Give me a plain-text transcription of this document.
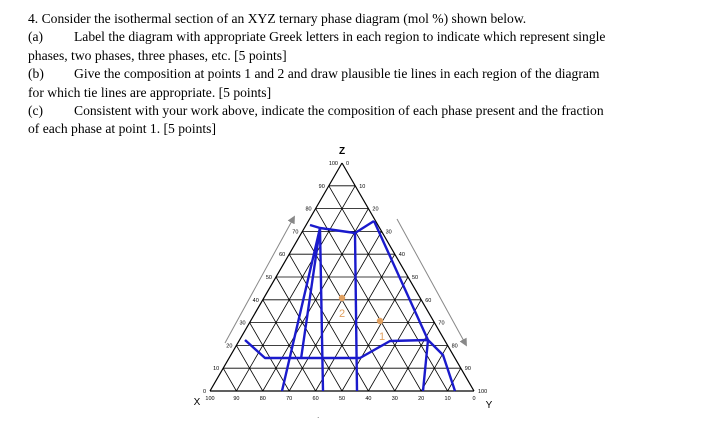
4. Consider the isothermal section of an XYZ ternary phase diagram (mol %) shown below.

(a) Label the diagram with appropriate Greek letters in each region to indicate which represent single

phases, two phases, three phases, etc. [5 points]

(b) Give the composition at points 1 and 2 and draw plausible tie lines in each region of the diagram

for which tie lines are appropriate. [5 points]

(c) Consistent with your work above, indicate the composition of each phase present and the fraction

of each phase at point 1. [5 points]

0
10
20
30
40
50
60
70
80
90
100 0
10
20
30
40
50
60
70
80
90
100
100	90	80	70	60	50	40	30	20	10	0
Z
X	Y
2
1
